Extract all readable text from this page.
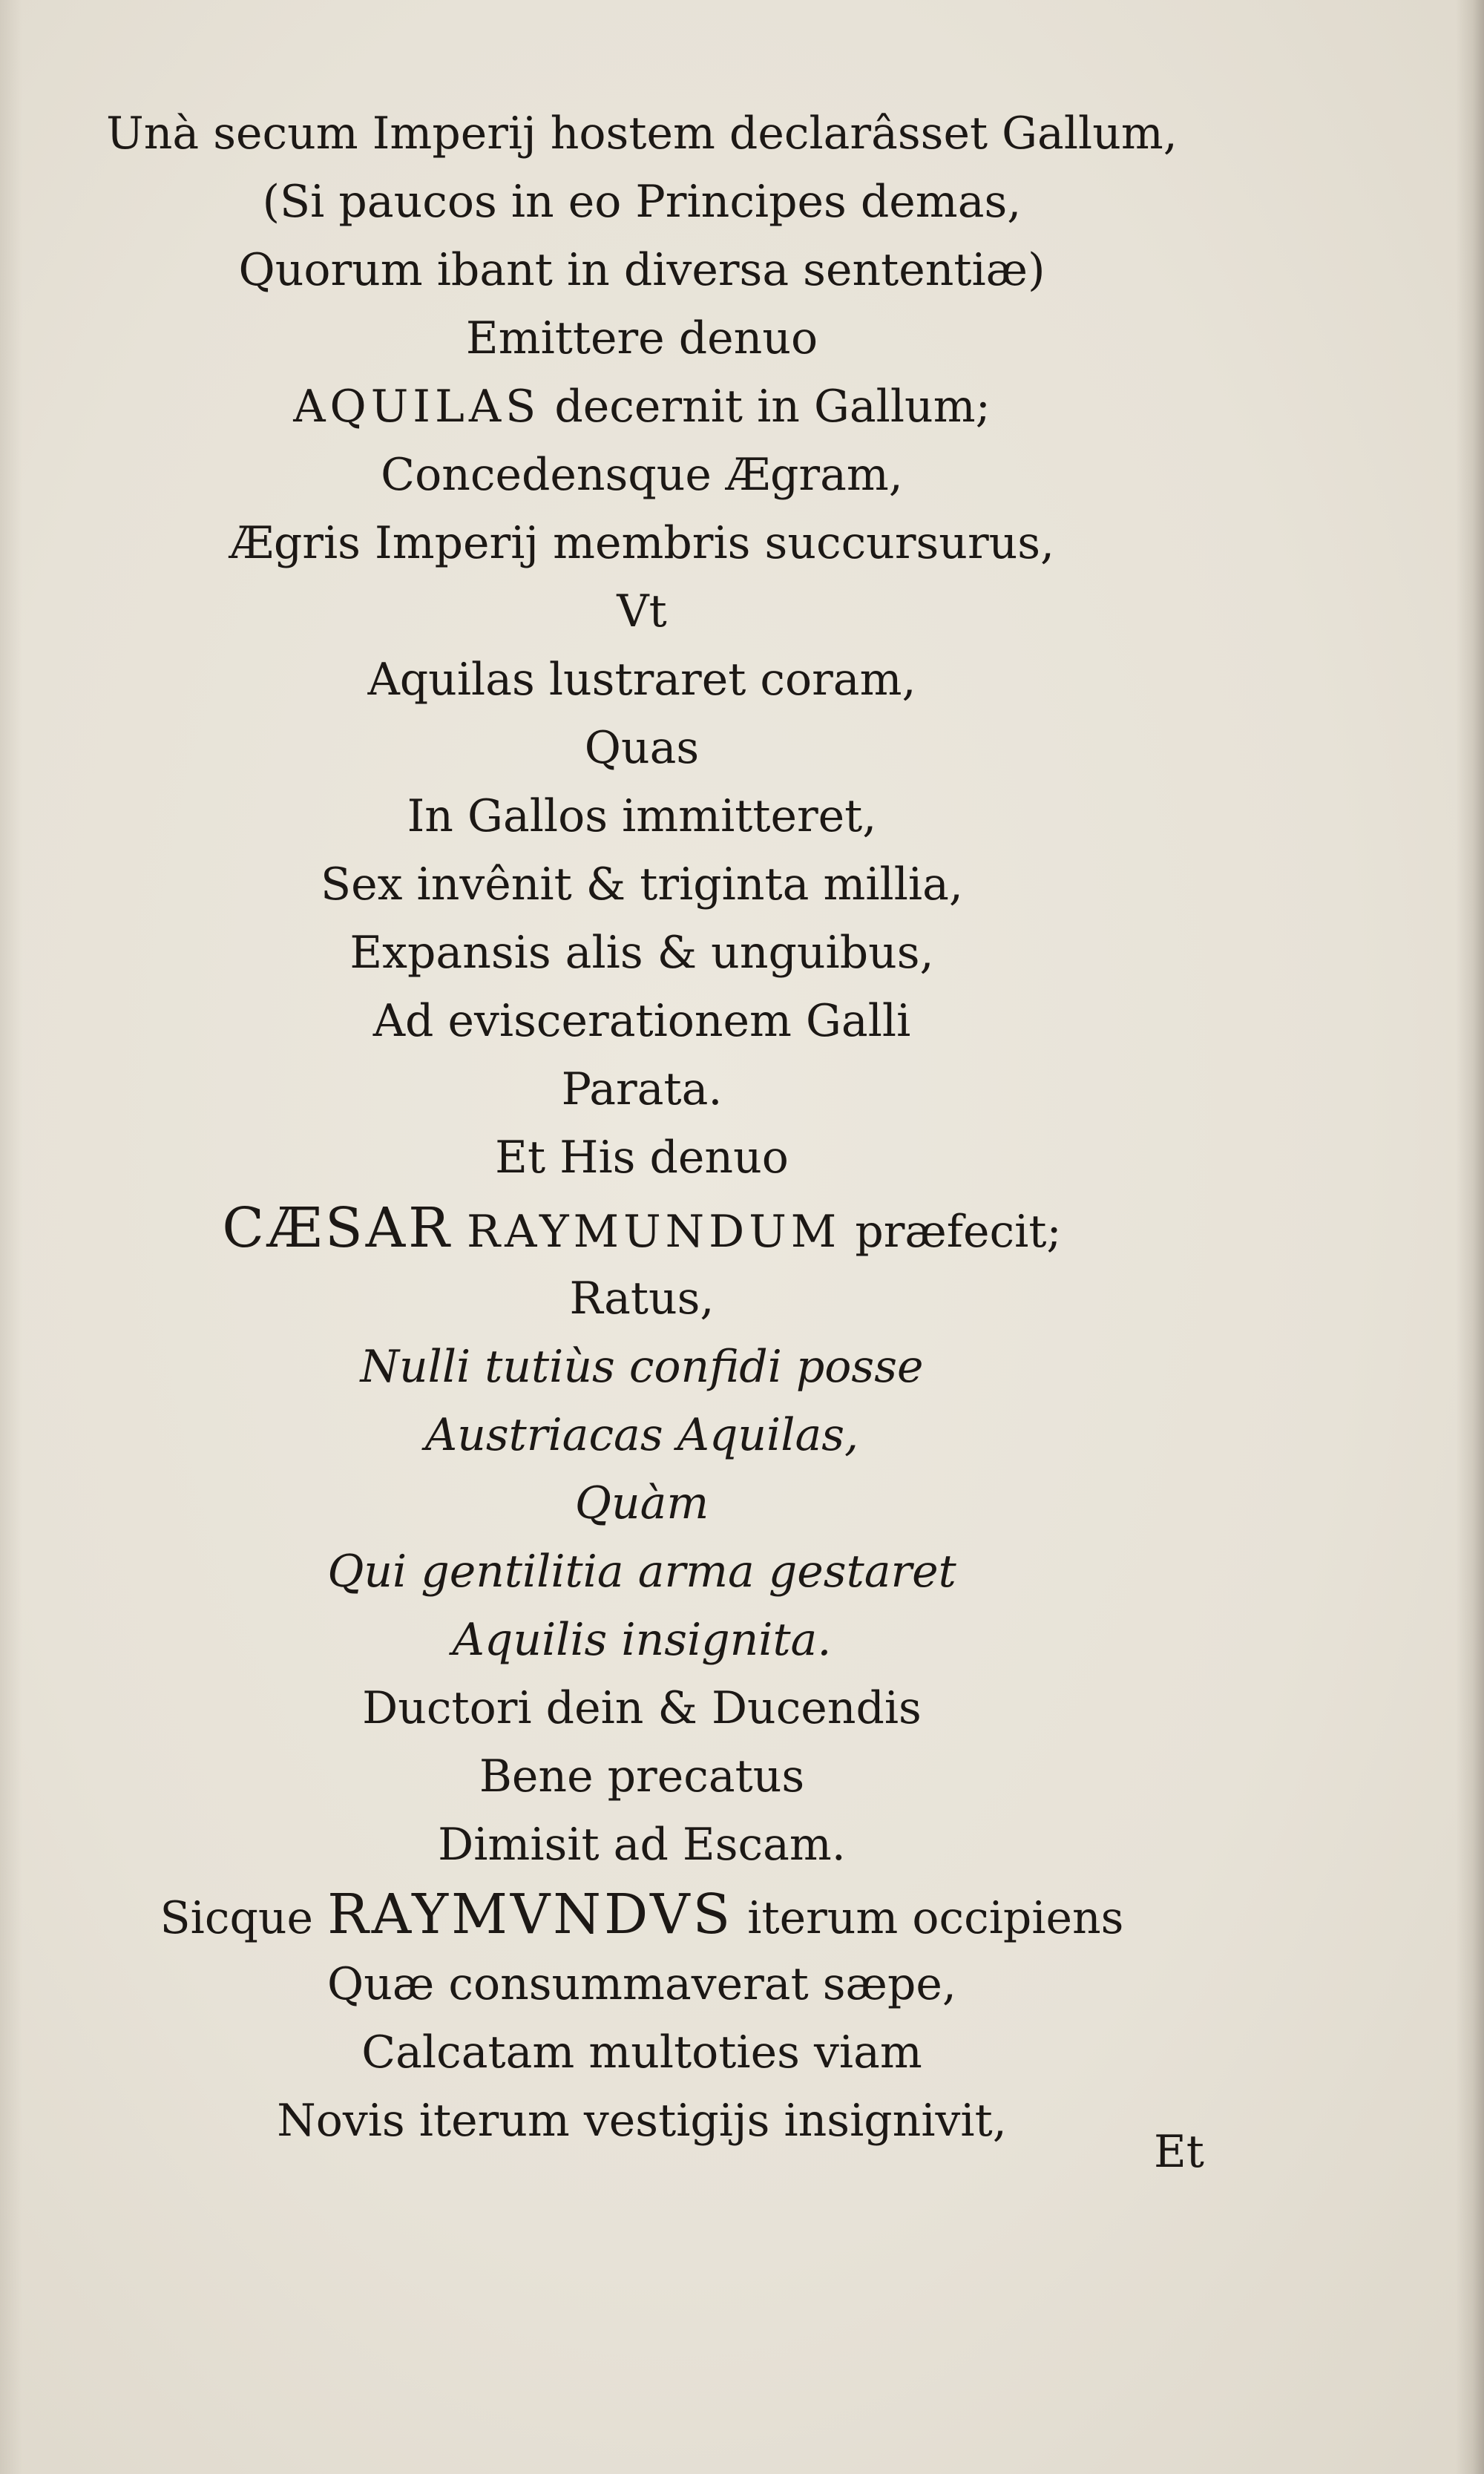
Unà secum Imperij hostem declarâsset Gallum,
(Si paucos in eo Principes demas,
Quorum ibant in diversa sententiæ)
Emittere denuo
AQUILAS decernit in Gallum;
Concedensque Ægram,
Ægris Imperij membris succursurus,
Vt
Aquilas lustraret coram,
Quas
In Gallos immitteret,
Sex invênit & triginta millia,
Expansis alis & unguibus,
Ad eviscerationem Galli
Parata.
Et His denuo
CÆSAR RAYMUNDUM præfecit;
Ratus,
Nulli tutiùs confidi posse
Austriacas Aquilas,
Quàm
Qui gentilitia arma gestaret
Aquilis insignita.
Ductori dein & Ducendis
Bene precatus
Dimisit ad Escam.
Sicque RAYMVNDVS iterum occipiens
Quæ consummaverat sæpe,
Calcatam multoties viam
Novis iterum vestigijs insignivit,
Et
